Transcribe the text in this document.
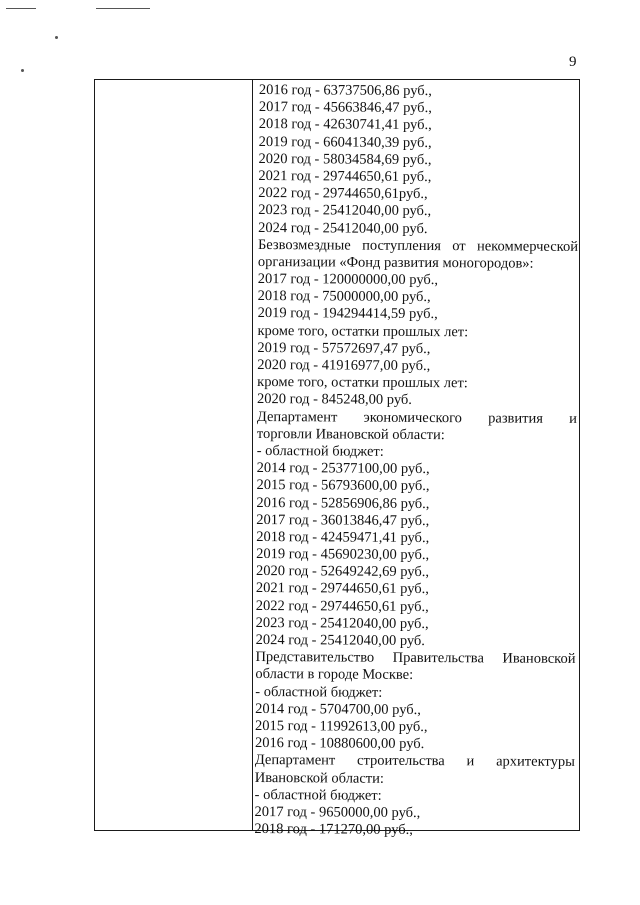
9
2016 год - 63737506,86 руб.,
2017 год - 45663846,47 руб.,
2018 год - 42630741,41 руб.,
2019 год - 66041340,39 руб.,
2020 год - 58034584,69 руб.,
2021 год - 29744650,61 руб.,
2022 год - 29744650,61руб.,
2023 год - 25412040,00 руб.,
2024 год - 25412040,00 руб.
Безвозмездные поступления от некоммерческой
организации «Фонд развития моногородов»:
2017 год - 120000000,00 руб.,
2018 год - 75000000,00 руб.,
2019 год - 194294414,59 руб.,
кроме того, остатки прошлых лет:
2019 год - 57572697,47 руб.,
2020 год - 41916977,00 руб.,
кроме того, остатки прошлых лет:
2020 год - 845248,00 руб.
Департамент экономического развития и
торговли Ивановской области:
- областной бюджет:
2014 год - 25377100,00 руб.,
2015 год - 56793600,00 руб.,
2016 год - 52856906,86 руб.,
2017 год - 36013846,47 руб.,
2018 год - 42459471,41 руб.,
2019 год - 45690230,00 руб.,
2020 год - 52649242,69 руб.,
2021 год - 29744650,61 руб.,
2022 год - 29744650,61 руб.,
2023 год - 25412040,00 руб.,
2024 год - 25412040,00 руб.
Представительство Правительства Ивановской
области в городе Москве:
- областной бюджет:
2014 год - 5704700,00 руб.,
2015 год - 11992613,00 руб.,
2016 год - 10880600,00 руб.
Департамент строительства и архитектуры
Ивановской области:
- областной бюджет:
2017 год - 9650000,00 руб.,
2018 год - 171270,00 руб.,
